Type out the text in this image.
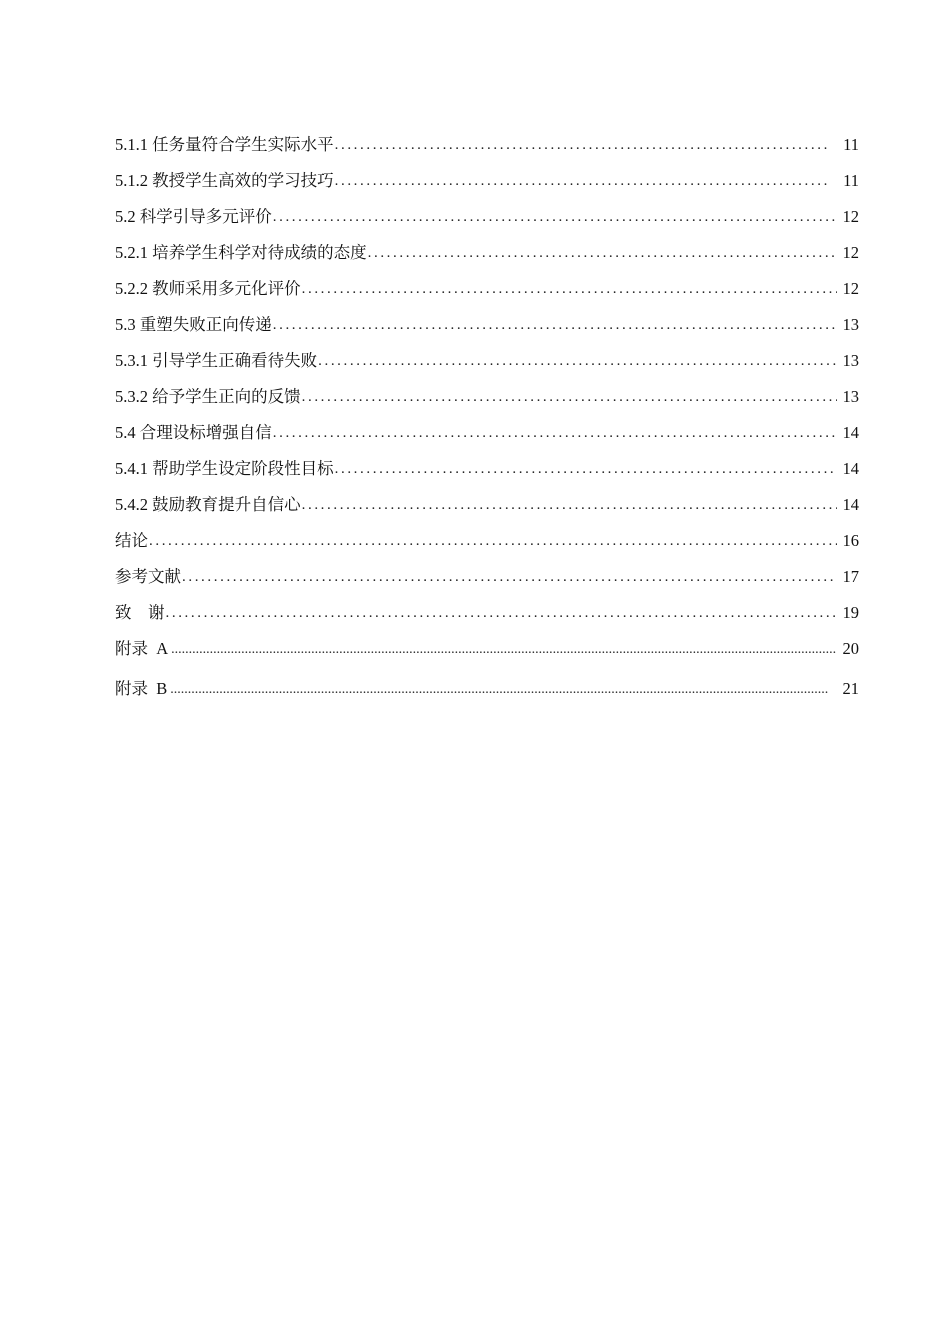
5.1.1 任务量符合学生实际水平 .....	11
5.1.2 教授学生高效的学习技巧 .....	11
5.2 科学引导多元评价 .....	12
5.2.1 培养学生科学对待成绩的态度 .....	12
5.2.2 教师采用多元化评价 .....	12
5.3 重塑失败正向传递 .....	13
5.3.1 引导学生正确看待失败 .....	13
5.3.2 给予学生正向的反馈 .....	13
5.4 合理设标增强自信 .....	14
5.4.1 帮助学生设定阶段性目标 .....	14
5.4.2 鼓励教育提升自信心 .....	14
结论 .....	16
参考文献 .....	17
致    谢 .....	19
附录  A .....	20
附录  B .....	21
